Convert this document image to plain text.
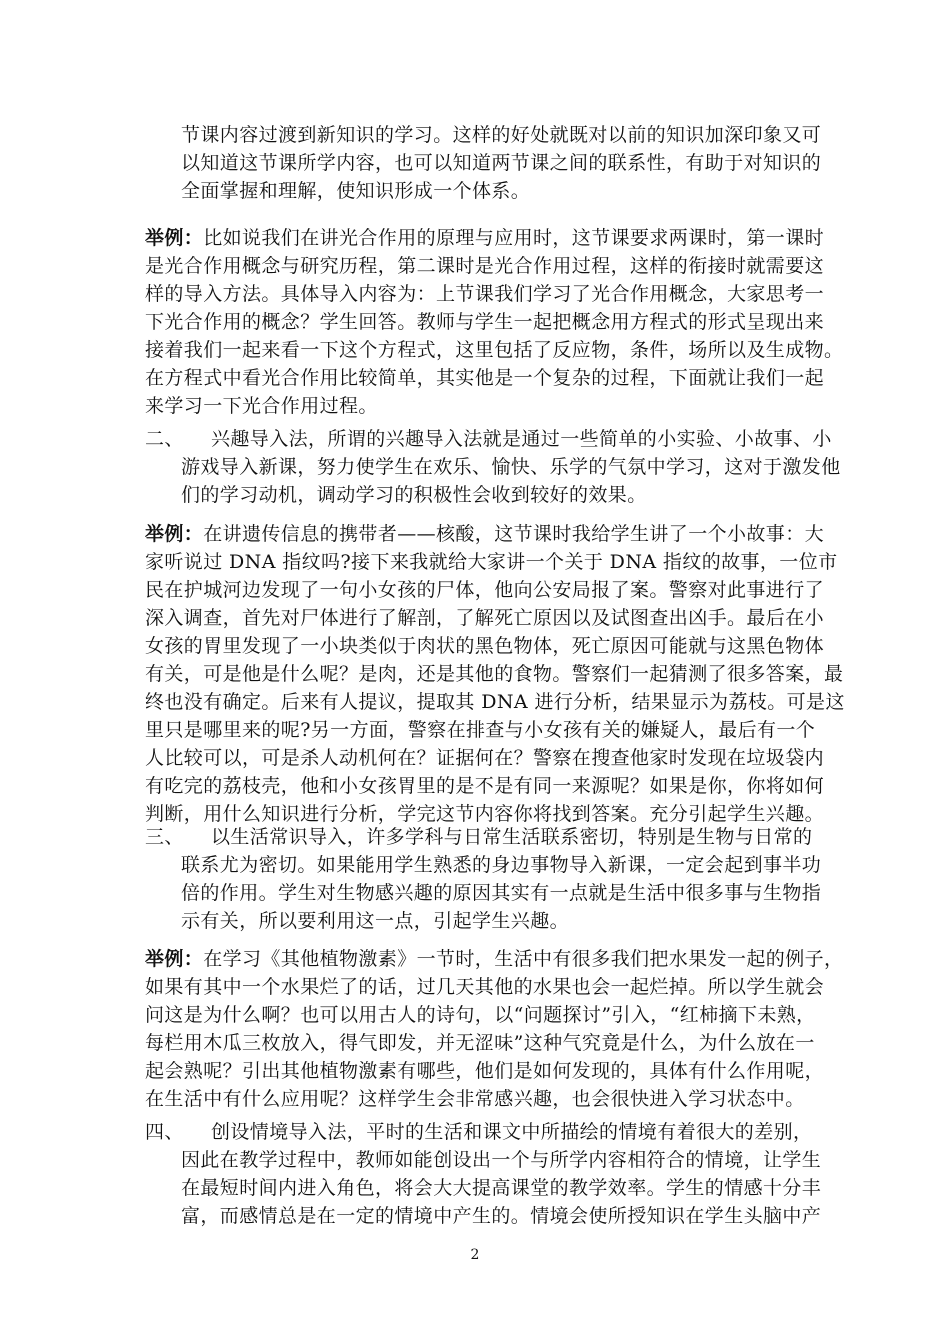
节课内容过渡到新知识的学习。这样的好处就既对以前的知识加深印象又可
以知道这节课所学内容，也可以知道两节课之间的联系性，有助于对知识的
全面掌握和理解，使知识形成一个体系。
举例：比如说我们在讲光合作用的原理与应用时，这节课要求两课时，第一课时
是光合作用概念与研究历程，第二课时是光合作用过程，这样的衔接时就需要这
样的导入方法。具体导入内容为：上节课我们学习了光合作用概念，大家思考一
下光合作用的概念？学生回答。教师与学生一起把概念用方程式的形式呈现出来
接着我们一起来看一下这个方程式，这里包括了反应物，条件，场所以及生成物。
在方程式中看光合作用比较简单，其实他是一个复杂的过程，下面就让我们一起
来学习一下光合作用过程。
二、	兴趣导入法，所谓的兴趣导入法就是通过一些简单的小实验、小故事、小
游戏导入新课，努力使学生在欢乐、愉快、乐学的气氛中学习，这对于激发他
们的学习动机，调动学习的积极性会收到较好的效果。
举例：在讲遗传信息的携带者——核酸，这节课时我给学生讲了一个小故事：大
家听说过 DNA 指纹吗?接下来我就给大家讲一个关于 DNA 指纹的故事，一位市
民在护城河边发现了一句小女孩的尸体，他向公安局报了案。警察对此事进行了
深入调查，首先对尸体进行了解剖，了解死亡原因以及试图查出凶手。最后在小
女孩的胃里发现了一小块类似于肉状的黑色物体，死亡原因可能就与这黑色物体
有关，可是他是什么呢？是肉，还是其他的食物。警察们一起猜测了很多答案，最
终也没有确定。后来有人提议，提取其 DNA 进行分析，结果显示为荔枝。可是这
里只是哪里来的呢?另一方面，警察在排查与小女孩有关的嫌疑人，最后有一个
人比较可以，可是杀人动机何在？证据何在？警察在搜查他家时发现在垃圾袋内
有吃完的荔枝壳，他和小女孩胃里的是不是有同一来源呢？如果是你，你将如何
判断，用什么知识进行分析，学完这节内容你将找到答案。充分引起学生兴趣。
三、	以生活常识导入，许多学科与日常生活联系密切，特别是生物与日常的
联系尤为密切。如果能用学生熟悉的身边事物导入新课，一定会起到事半功
倍的作用。学生对生物感兴趣的原因其实有一点就是生活中很多事与生物指
示有关，所以要利用这一点，引起学生兴趣。
举例：在学习《其他植物激素》一节时，生活中有很多我们把水果发一起的例子，
如果有其中一个水果烂了的话，过几天其他的水果也会一起烂掉。所以学生就会
问这是为什么啊？也可以用古人的诗句，以“问题探讨”引入，“红柿摘下未熟，
每栏用木瓜三枚放入，得气即发，并无涩味”这种气究竟是什么，为什么放在一
起会熟呢？引出其他植物激素有哪些，他们是如何发现的，具体有什么作用呢，
在生活中有什么应用呢？这样学生会非常感兴趣，也会很快进入学习状态中。
四、	创设情境导入法，平时的生活和课文中所描绘的情境有着很大的差别，
因此在教学过程中，教师如能创设出一个与所学内容相符合的情境，让学生
在最短时间内进入角色，将会大大提高课堂的教学效率。学生的情感十分丰
富，而感情总是在一定的情境中产生的。情境会使所授知识在学生头脑中产
2
